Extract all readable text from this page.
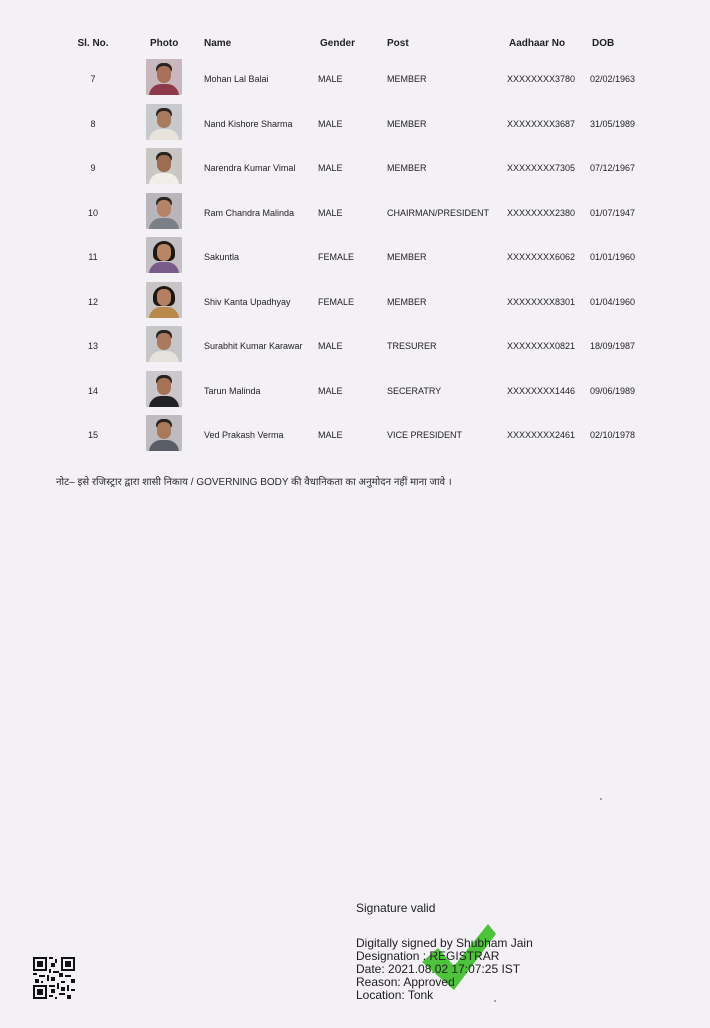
Sl. No.	Photo	Name	Gender	Post	Aadhaar No	DOB
7	Mohan Lal Balai	MALE	MEMBER	XXXXXXXX3780 02/02/1963
8	Nand Kishore Sharma	MALE	MEMBER	XXXXXXXX3687 31/05/1989
9	Narendra Kumar Vimal	MALE	MEMBER	XXXXXXXX7305 07/12/1967
10	Ram Chandra Malinda	MALE	CHAIRMAN/PRESIDENT XXXXXXXX2380 01/07/1947
11	Sakuntla	FEMALE	MEMBER	XXXXXXXX6062 01/01/1960
12	Shiv Kanta Upadhyay	FEMALE	MEMBER	XXXXXXXX8301 01/04/1960
13	Surabhit Kumar Karawar MALE	TRESURER	XXXXXXXX0821 18/09/1987
14	Tarun Malinda	MALE	SECERATRY	XXXXXXXX1446 09/06/1989
15	Ved Prakash Verma	MALE	VICE PRESIDENT	XXXXXXXX2461 02/10/1978
नोट– इसे रजिस्ट्रार द्वारा शासी निकाय / GOVERNING BODY की वैधानिकता का अनुमोदन नहीं माना जावे ।
Signature valid
Digitally signed by Shubham Jain
Designation : REGISTRAR
Date: 2021.08.02 17:07:25 IST
Reason: Approved
Location: Tonk
